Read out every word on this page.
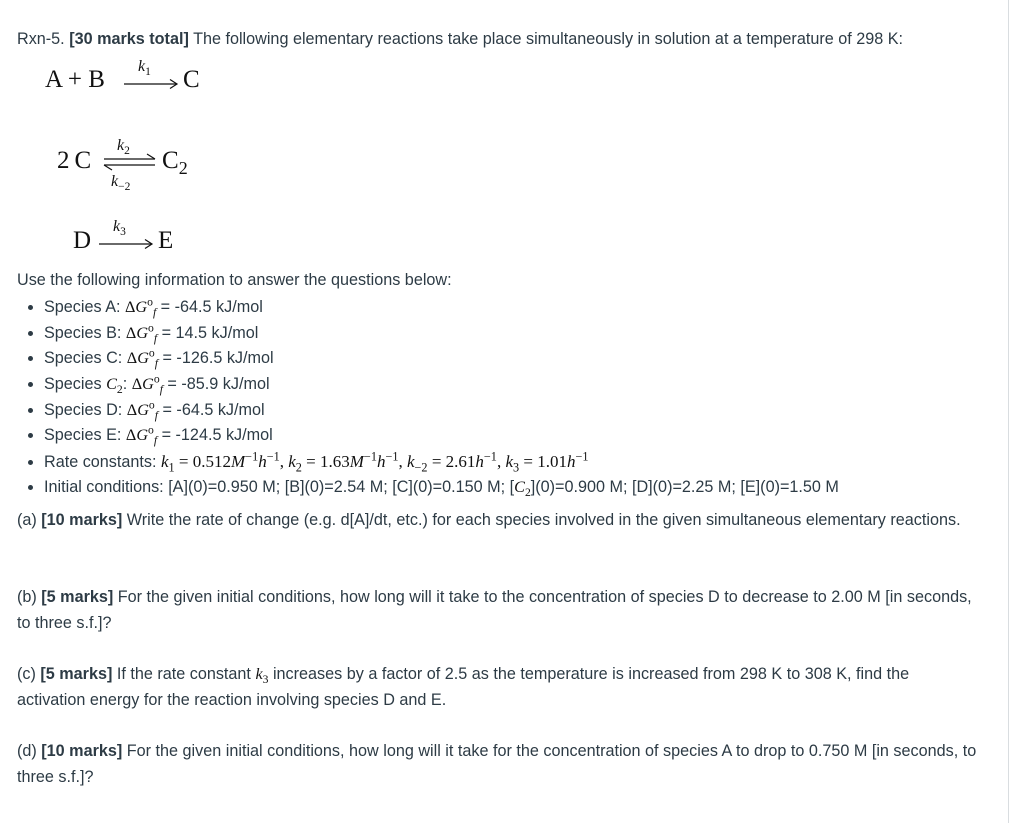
Rxn-5. [30 marks total] The following elementary reactions take place simultaneously in solution at a temperature of 298 K:
A + B $k_1 \to C$
2  C
$k_2$
$k_{-2}$
$C_2$
D
$k_3 \to E$
Use the following information to answer the questions below:
• Species A: $\Delta G^o_f = -64.5$ kJ/mol
• Species B: $\Delta G^o_f = 14.5$ kJ/mol
• Species C: $\Delta G^o_f = -126.5$ kJ/mol
• Species $C_2$: $\Delta G^o_f = -85.9$ kJ/mol
• Species D: $\Delta G^o_f = -64.5$ kJ/mol
• Species E: $\Delta G^o_f = -124.5$ kJ/mol
• Rate constants: $k_1 = 0.512M^{-1}h^{-1}$, $k_2 = 1.63M^{-1}h^{-1}$, $k_{-2} = 2.61h^{-1}$, $k_3 = 1.01h^{-1}$
• Initial conditions: [A](0)=0.950 M; [B](0)=2.54 M; [C](0)=0.150 M; $[C_2](0)=0.900$ M; [D](0)=2.25 M; [E](0)=1.50 M
(a) [10 marks] Write the rate of change (e.g. d[A]/dt, etc.) for each species involved in the given simultaneous elementary reactions.
(b) [5 marks] For the given initial conditions, how long will it take to the concentration of species D to decrease to 2.00 M [in seconds, to three s.f.]?
(c) [5 marks] If the rate constant $k_3$ increases by a factor of 2.5 as the temperature is increased from 298 K to 308 K, find the activation energy for the reaction involving species D and E.
(d) [10 marks] For the given initial conditions, how long will it take for the concentration of species A to drop to 0.750 M [in seconds, to three s.f.]?
